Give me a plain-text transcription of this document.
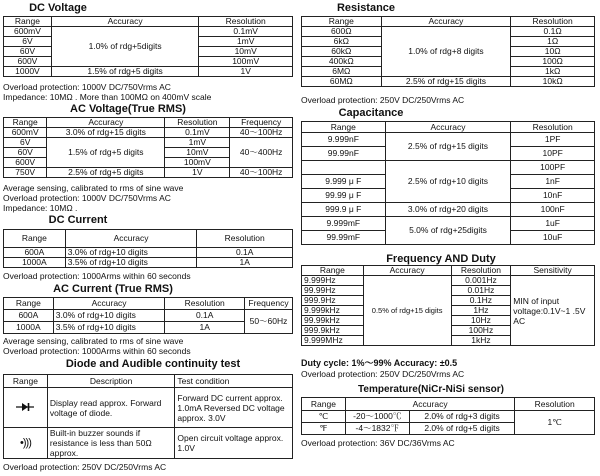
DC Voltage
Range	Accuracy	Resolution
600mV	1.0% of rdg+5digits	0.1mV
6V		1mV
60V		10mV
600V		100mV
1000V	1.5% of rdg+5 digits	1V
Overload protection: 1000V DC/750Vrms AC
Impedance: 10MΩ . More than 100MΩ on 400mV scale
AC Voltage(True RMS)
Range	Accuracy	Resolution	Frequency
600mV	3.0% of rdg+15 digits	0.1mV	40～100Hz
6V	1.5% of rdg+5 digits	1mV	40～400Hz
60V		10mV	
600V		100mV	
750V	2.5% of rdg+5 digits	1V	40～100Hz
Average sensing, calibrated to rms of sine wave
Overload protection: 1000V DC/750Vrms AC
Impedance: 10MΩ .
DC Current
Range	Accuracy	Resolution
600A	3.0% of rdg+10 digits	0.1A
1000A	3.5% of rdg+10 digits	1A
Overload protection: 1000Arms within 60 seconds
AC Current (True RMS)
Range	Accuracy	Resolution	Frequency
600A	3.0% of rdg+10 digits	0.1A	50～60Hz
1000A	3.5% of rdg+10 digits	1A	
Average sensing, calibrated to rms of sine wave
Overload protection: 1000Arms within 60 seconds
Diode and Audible continuity test
Range	Description	Test condition
	Display read approx. Forward voltage of diode.	Forward DC current approx. 1.0mA Reversed DC voltage approx. 3.0V
•)))	Built-in buzzer sounds if resistance is less than 50Ω approx.	Open circuit voltage approx. 1.0V
Overload protection: 250V DC/250Vrms AC
Resistance
Range	Accuracy	Resolution
600Ω	1.0% of rdg+8 digits	0.1Ω
6kΩ		1Ω
60kΩ		10Ω
400kΩ		100Ω
6MΩ		1kΩ
60MΩ	2.5% of rdg+15 digits	10kΩ
Overload protection: 250V DC/250Vrms AC
Capacitance
Range	Accuracy	Resolution
9.999nF	2.5% of rdg+15 digits	1PF
99.99nF		10PF
	2.5% of rdg+10 digits	100PF
9.999 μ F		1nF
99.99 μ F		10nF
999.9 μ F	3.0% of rdg+20 digits	100nF
9.999mF	5.0% of rdg+25digits	1uF
99.99mF		10uF
Frequency AND Duty
Range	Accuracy	Resolution	Sensitivity
9.999Hz	0.5% of rdg+15 digits	0.001Hz	MIN of input voltage:0.1V~1 .5V AC
99.99Hz		0.01Hz	
999.9Hz		0.1Hz	
9.999kHz		1Hz	
99.99kHz		10Hz	
999.9kHz		100Hz	
9.999MHz		1kHz	
Duty cycle: 1%～99% Accuracy: ±0.5
Overload protection: 250V DC/250Vrms AC
Temperature(NiCr-NiSi sensor)
Range	Accuracy		Resolution
℃	-20～1000℃	2.0% of rdg+3 digits	1℃
℉	-4～1832℉	2.0% of rdg+5 digits	
Overload protection: 36V DC/36Vrms AC
